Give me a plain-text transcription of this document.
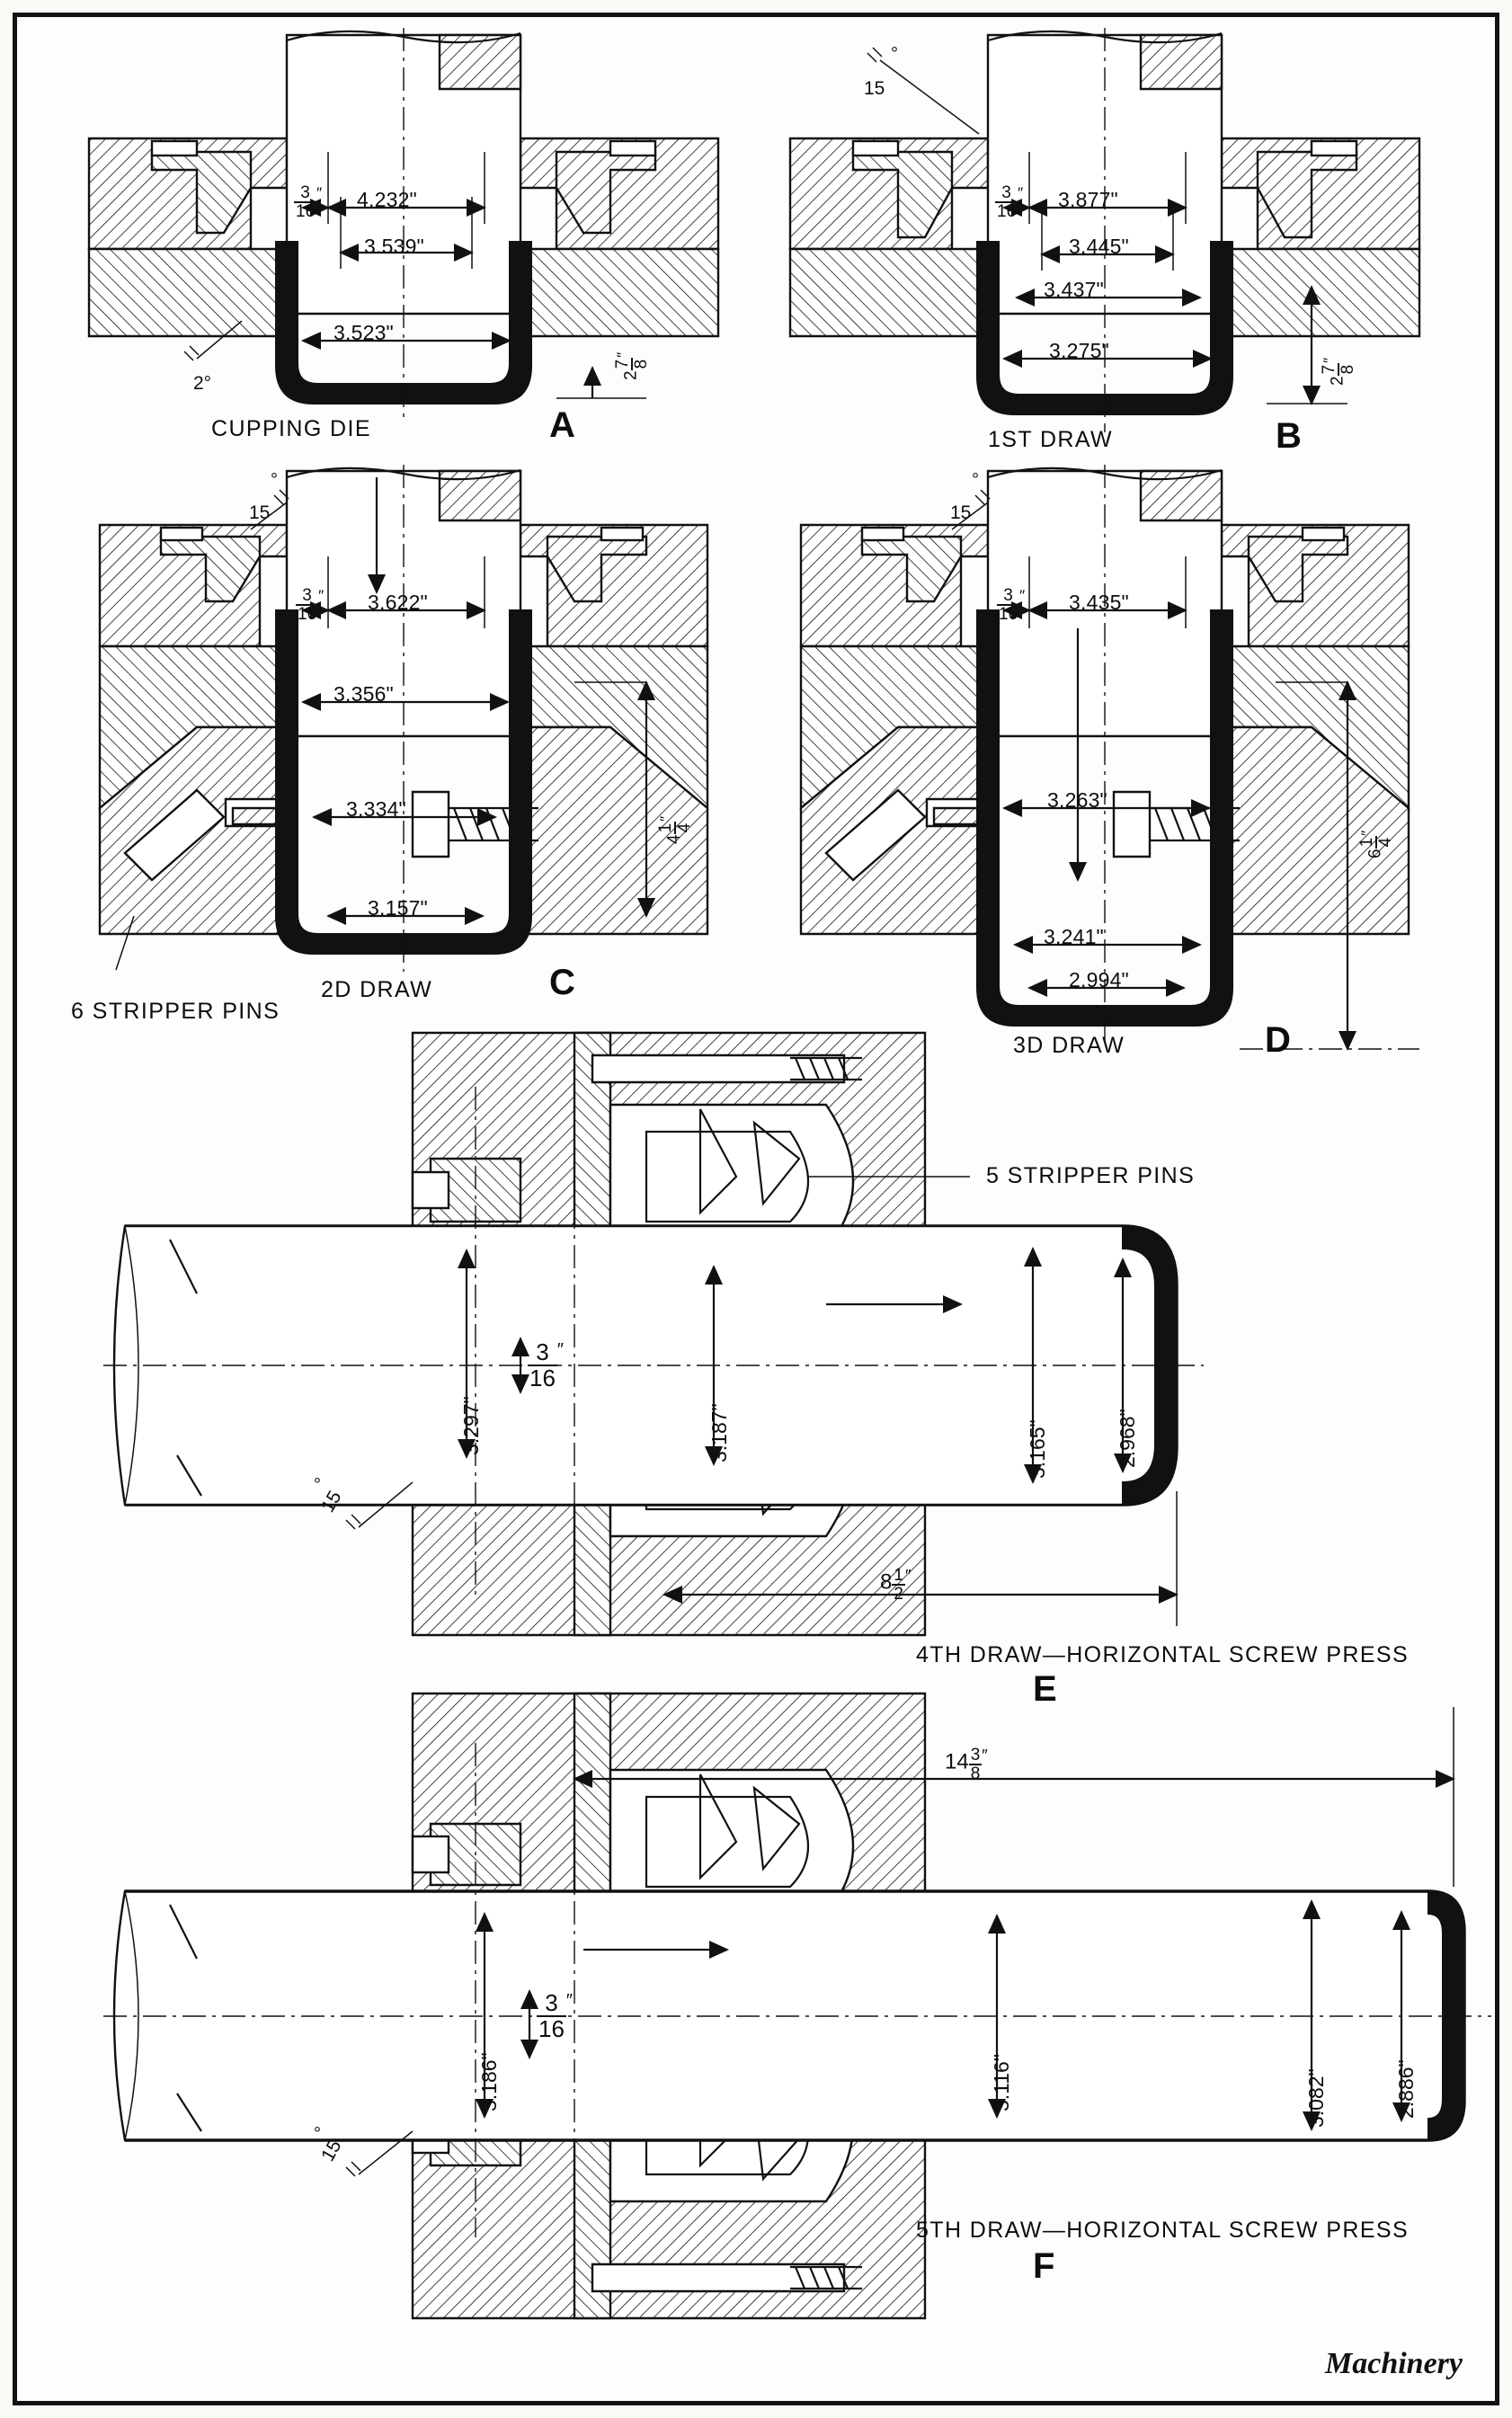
4.232"
3.539"
3.523"
2°
$\frac{3}{16}$ ″
2
7 8
″
CUPPING DIE	A
3.877"
3.445"
3.437"
3.275"
$\frac{3}{16}$ ″
15
°
2
7 8
″
1ST DRAW	B
3.622"
3.356"
3.334"
3.157"
$\frac{3}{16}$ ″
15
°
4
1 4
″
2D DRAW	C
6 STRIPPER PINS
3.435"
3.263"
3.241"
2.994"
$\frac{3}{16}$ ″
15
°
6
1 4
″
3D DRAW	D
5 STRIPPER PINS
3.297"	3.187"	3.165"	2.968"
$\frac{3}{16}$ ″
15
°
$8 \frac{1}{2}$ ″
4TH DRAW—HORIZONTAL SCREW PRESS
E
3.186"	3.116"	3.082"	2.886"
$\frac{3}{16}$ ″
15
°
$14 \frac{3}{8}$ ″
5TH DRAW—HORIZONTAL SCREW PRESS
F
Machinery
